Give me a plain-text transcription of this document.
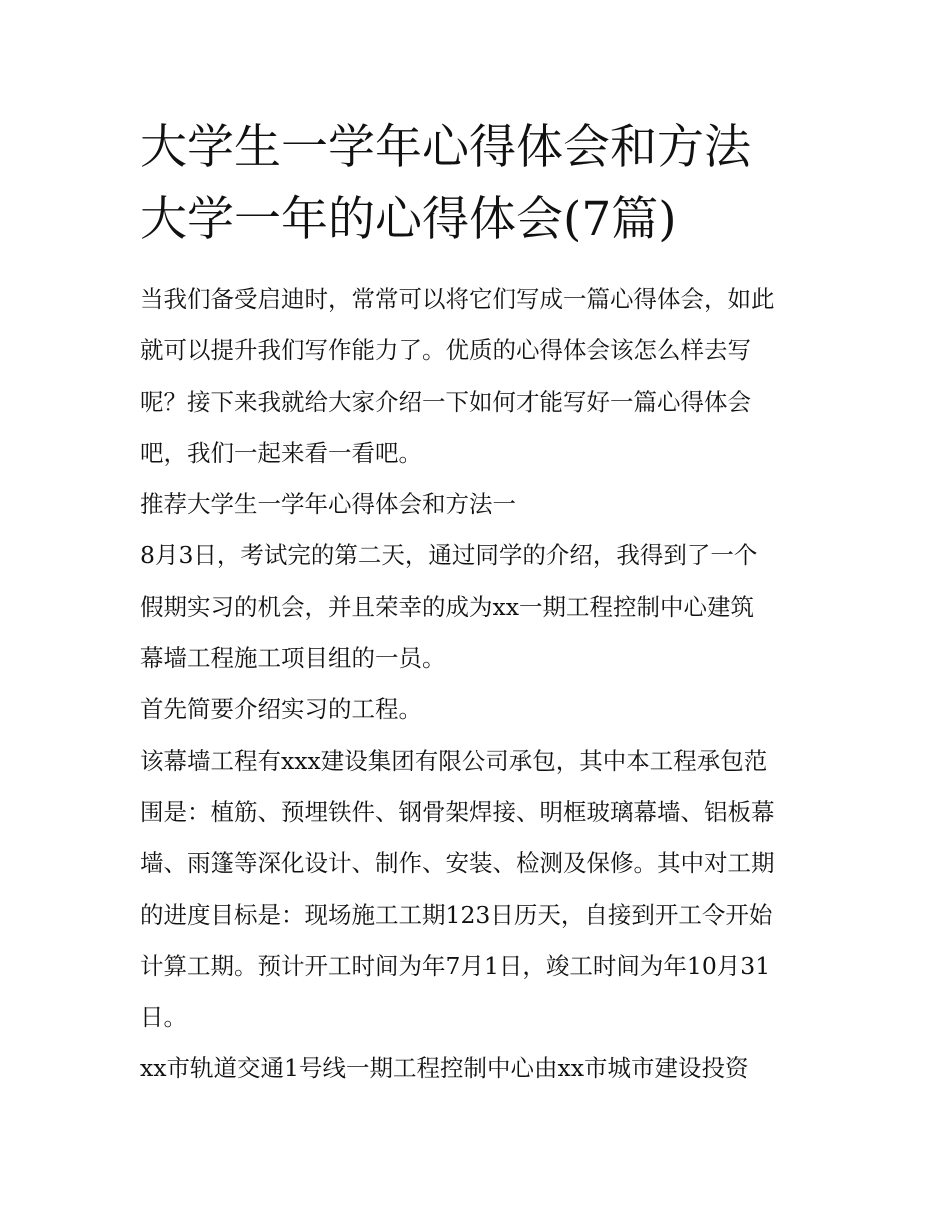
大学生一学年心得体会和方法
大学一年的心得体会(7篇)

当我们备受启迪时，常常可以将它们写成一篇心得体会，如此
就可以提升我们写作能力了。优质的心得体会该怎么样去写
呢？接下来我就给大家介绍一下如何才能写好一篇心得体会
吧，我们一起来看一看吧。

推荐大学生一学年心得体会和方法一

8月3日，考试完的第二天，通过同学的介绍，我得到了一个
假期实习的机会，并且荣幸的成为xx一期工程控制中心建筑
幕墙工程施工项目组的一员。

首先简要介绍实习的工程。

该幕墙工程有xxx建设集团有限公司承包，其中本工程承包范
围是：植筋、预埋铁件、钢骨架焊接、明框玻璃幕墙、铝板幕
墙、雨篷等深化设计、制作、安装、检测及保修。其中对工期
的进度目标是：现场施工工期123日历天，自接到开工令开始
计算工期。预计开工时间为年7月1日，竣工时间为年10月31
日。

xx市轨道交通1号线一期工程控制中心由xx市城市建设投资
